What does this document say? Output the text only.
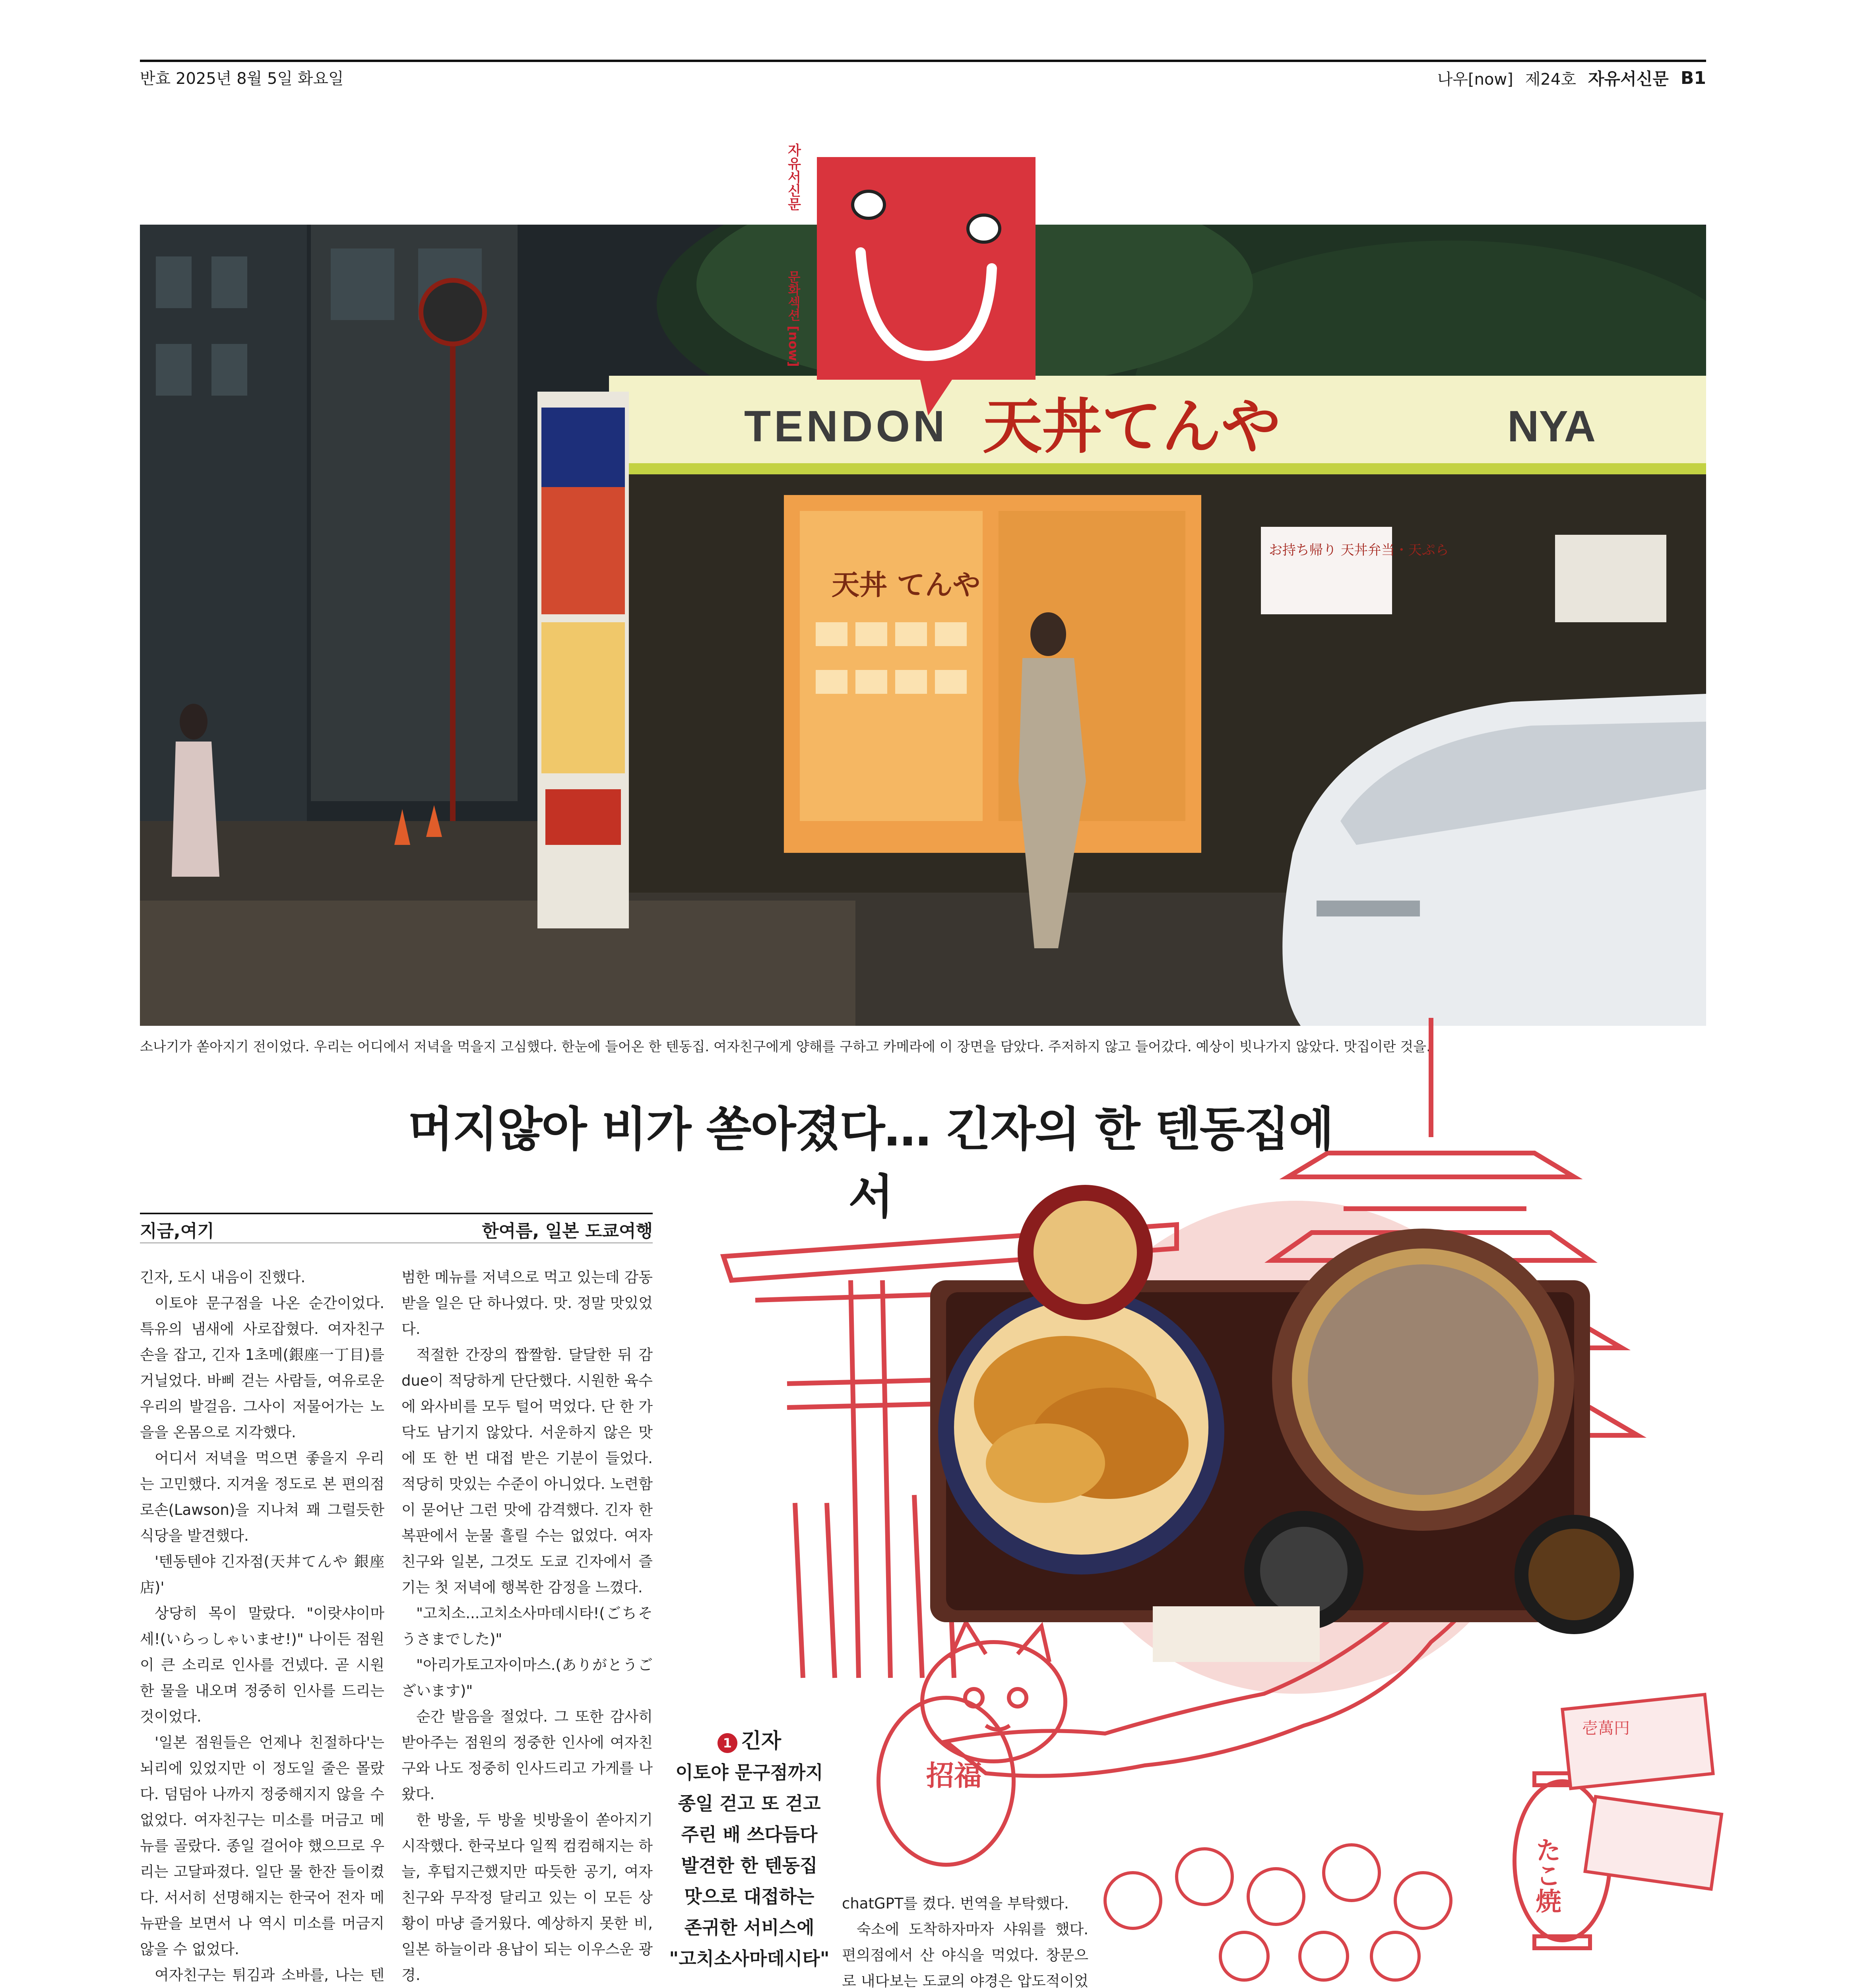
반효 2025년 8월 5일 화요일	나우[now] 제24호 자유서신문 B1
TENDON 天丼てんや	NYA
天丼 てんや
お持ち帰り 天丼弁当・天ぷら
자유서신문
문화섹션 [now]
소나기가 쏟아지기 전이었다. 우리는 어디에서 저녁을 먹을지 고심했다. 한눈에 들어온 한 텐동집. 여자친구에게 양해를 구하고 카메라에 이 장면을 담았다. 주저하지 않고 들어갔다. 예상이 빗나가지 않았다. 맛집이란 것을.
招福
たこ焼
壱萬円
머지않아 비가 쏟아졌다… 긴자의 한 텐동집에서
지금,여기	한여름, 일본 도쿄여행

긴자, 도시 내음이 진했다.

이토야 문구점을 나온 순간이었다. 특유의 냄새에 사로잡혔다. 여자친구 손을 잡고, 긴자 1초메(銀座一丁目)를 거닐었다. 바삐 걷는 사람들, 여유로운 우리의 발걸음. 그사이 저물어가는 노을을 온몸으로 지각했다.

어디서 저녁을 먹으면 좋을지 우리는 고민했다. 지겨울 정도로 본 편의점 로손(Lawson)을 지나쳐 꽤 그럴듯한 식당을 발견했다.

'텐동텐야 긴자점(天丼てんや 銀座店)'

상당히 목이 말랐다. "이랏샤이마세!(いらっしゃいませ!)" 나이든 점원이 큰 소리로 인사를 건넸다. 곧 시원한 물을 내오며 정중히 인사를 드리는 것이었다.

'일본 점원들은 언제나 친절하다'는 뇌리에 있었지만 이 정도일 줄은 몰랐다. 덤덤아 나까지 정중해지지 않을 수 없었다. 여자친구는 미소를 머금고 메뉴를 골랐다. 종일 걸어야 했으므로 우리는 고달파졌다. 일단 물 한잔 들이켰다. 서서히 선명해지는 한국어 전자 메뉴판을 보면서 나 역시 미소를 머금지 않을 수 없었다.

여자친구는 튀김과 소바를, 나는 텐

범한 메뉴를 저녁으로 먹고 있는데 감동 받을 일은 단 하나였다. 맛. 정말 맛있었다.

적절한 간장의 짭짤함. 달달한 뒤 감due이 적당하게 단단했다. 시원한 육수에 와사비를 모두 털어 먹었다. 단 한 가닥도 남기지 않았다. 서운하지 않은 맛에 또 한 번 대접 받은 기분이 들었다. 적당히 맛있는 수준이 아니었다. 노련함이 묻어난 그런 맛에 감격했다. 긴자 한복판에서 눈물 흘릴 수는 없었다. 여자친구와 일본, 그것도 도쿄 긴자에서 즐기는 첫 저녁에 행복한 감정을 느꼈다.

"고치소...고치소사마데시타!(ごちそうさまでした)"

"아리가토고자이마스.(ありがとうございます)"

순간 발음을 절었다. 그 또한 감사히 받아주는 점원의 정중한 인사에 여자친구와 나도 정중히 인사드리고 가게를 나왔다.

한 방울, 두 방울 빗방울이 쏟아지기 시작했다. 한국보다 일찍 컴컴해지는 하늘, 후텁지근했지만 따듯한 공기, 여자친구와 무작정 달리고 있는 이 모든 상황이 마냥 즐거웠다. 예상하지 못한 비, 일본 하늘이라 용납이 되는 이우스운 광경.

1 긴자
이토야 문구점까지
종일 걷고 또 걷고
주린 배 쓰다듬다
발견한 한 텐동집
맛으로 대접하는
존귀한 서비스에
"고치소사마데시타"

chatGPT를 켰다. 번역을 부탁했다.

숙소에 도착하자마자 샤워를 했다. 편의점에서 산 야식을 먹었다. 창문으로 내다보는 도쿄의 야경은 압도적이었
